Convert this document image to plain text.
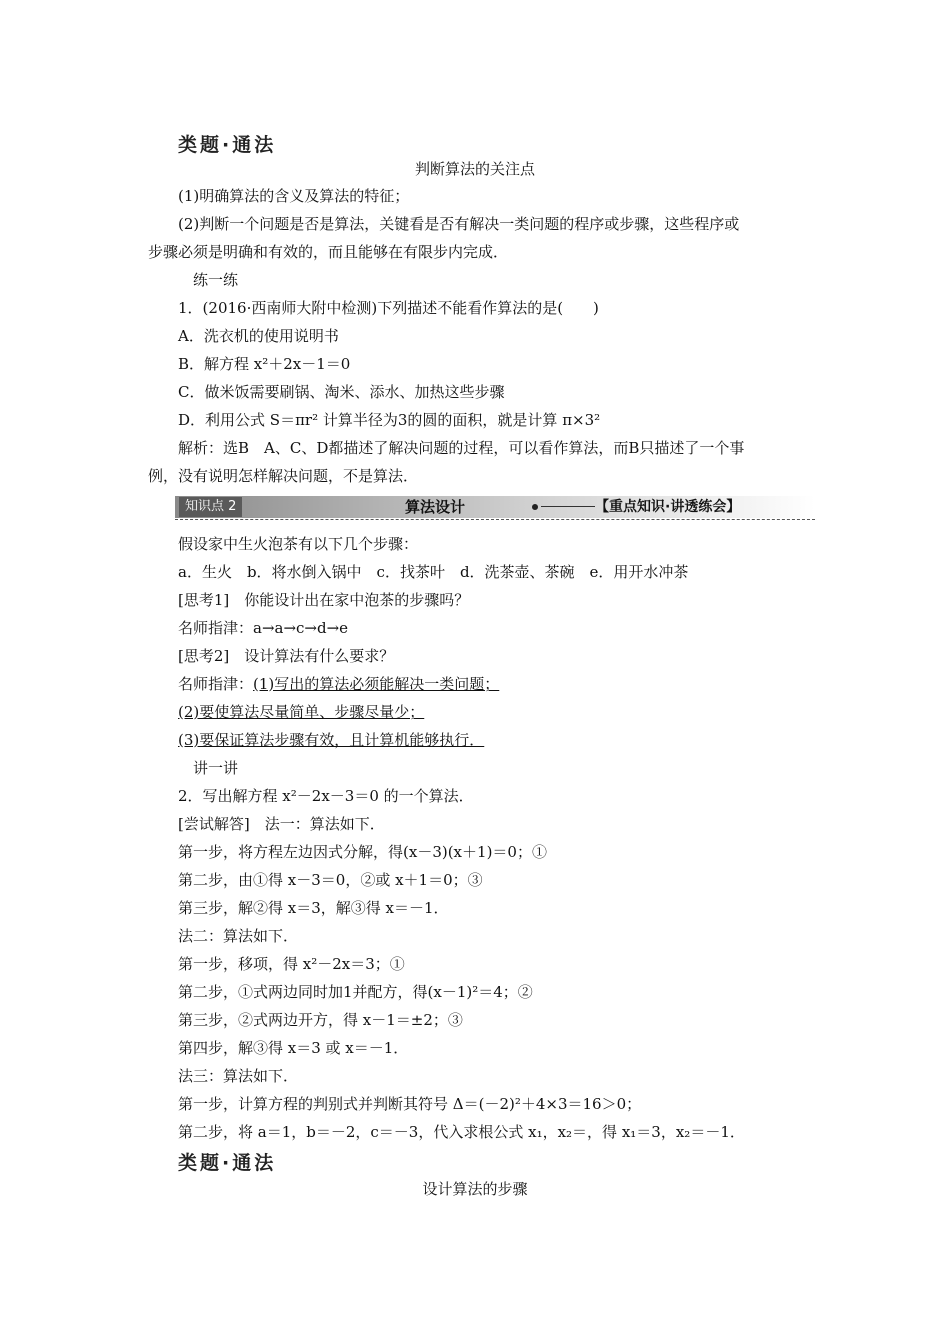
类题·通法
判断算法的关注点
(1)明确算法的含义及算法的特征；
(2)判断一个问题是否是算法，关键看是否有解决一类问题的程序或步骤，这些程序或
步骤必须是明确和有效的，而且能够在有限步内完成．
练一练
1．(2016·西南师大附中检测)下列描述不能看作算法的是(　　)
A．洗衣机的使用说明书
B．解方程 x²＋2x－1＝0
C．做米饭需要刷锅、淘米、添水、加热这些步骤
D．利用公式 S＝πr² 计算半径为3的圆的面积，就是计算 π×3²
解析：选B　A、C、D都描述了解决问题的过程，可以看作算法，而B只描述了一个事
例，没有说明怎样解决问题，不是算法．
知识点 2	算法设计	【重点知识·讲透练会】
假设家中生火泡茶有以下几个步骤：
a．生火　b．将水倒入锅中　c．找茶叶　d．洗茶壶、茶碗　e．用开水冲茶
[思考1]　你能设计出在家中泡茶的步骤吗？
名师指津：a→a→c→d→e
[思考2]　设计算法有什么要求？
名师指津：(1)写出的算法必须能解决一类问题；
(2)要使算法尽量简单、步骤尽量少；
(3)要保证算法步骤有效，且计算机能够执行．
讲一讲
2．写出解方程 x²－2x－3＝0 的一个算法．
[尝试解答]　法一：算法如下．
第一步，将方程左边因式分解，得(x－3)(x＋1)＝0；①
第二步，由①得 x－3＝0，②或 x＋1＝0；③
第三步，解②得 x＝3，解③得 x＝－1．
法二：算法如下．
第一步，移项，得 x²－2x＝3；①
第二步，①式两边同时加1并配方，得(x－1)²＝4；②
第三步，②式两边开方，得 x－1＝±2；③
第四步，解③得 x＝3 或 x＝－1．
法三：算法如下．
第一步，计算方程的判别式并判断其符号 Δ＝(－2)²＋4×3＝16＞0；
第二步，将 a＝1，b＝－2，c＝－3，代入求根公式 x₁，x₂＝，得 x₁＝3，x₂＝－1．
类题·通法
设计算法的步骤
